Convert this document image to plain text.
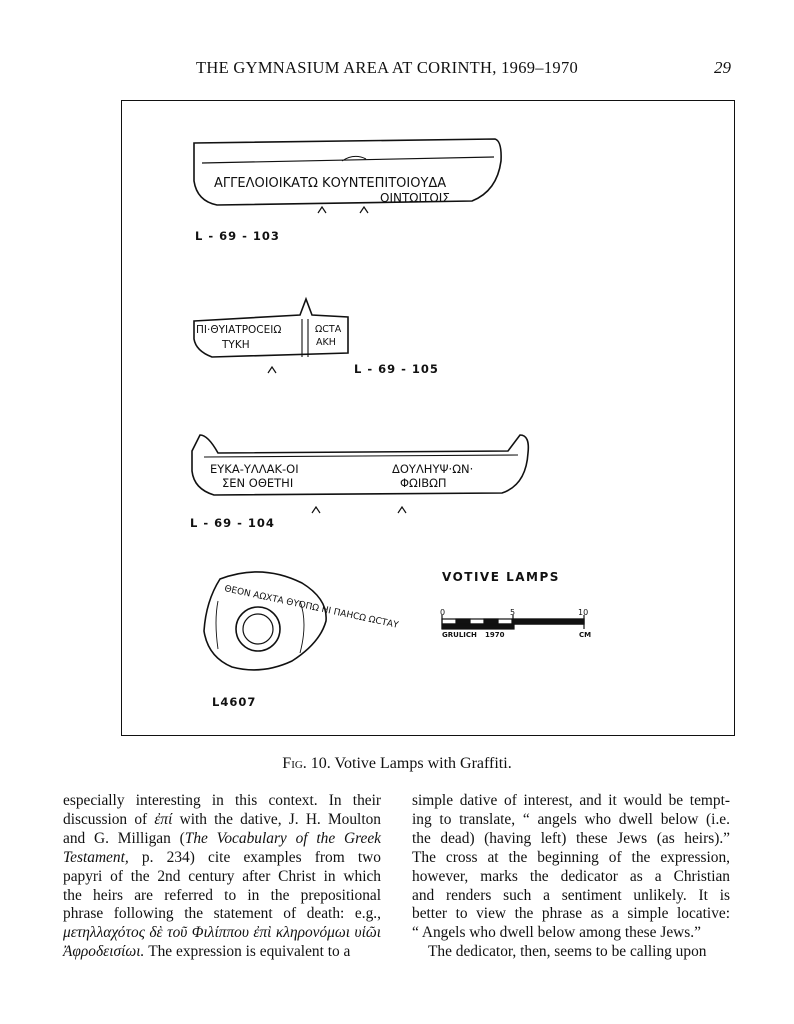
THE GYMNASIUM AREA AT CORINTH, 1969–1970	29
ΑΓΓΕΛΟΙΟΙΚΑΤΩ ΚΟΥΝΤΕΠΙΤΟΙΟΥΔΑ
ΟΙΝΤΩΙΤΟΙΣ
ΠΙ·ΘΥΙΑΤΡΟCΕΙΩ
ΤΥΚΗ
ΩCΤΑ
ΑΚΗ
ΕΥΚΑ-ΥΛΛΑΚ-ΟΙ
ΣΕΝ ΟΘΕΤΗΙ
ΔΟΥΛΗΥΨ·ΩΝ·
ΦΩΙΒΩΠ
ΘΕΟΝ ΑΩΧΤΑ ΘΥΟΠΩ ΗΙ ΠΑΗCΩ ΩCΤΑΥ	0	5	10
GRULICH 1970	CM
L - 69 - 103
L - 69 - 105
L - 69 - 104
L4607
VOTIVE LAMPS
Fig. 10. Votive Lamps with Graffiti.
especially interesting in this context. In their
discussion of ἐπί with the dative, J. H. Moulton
and G. Milligan (The Vocabulary of the Greek
Testament, p. 234) cite examples from two
papyri of the 2nd century after Christ in which
the heirs are referred to in the prepositional
phrase following the statement of death: e.g.,
μετηλλαχότος δὲ τοῦ Φιλίππου ἐπὶ κληρονόμωι υἱῶι
Ἀφροδεισίωι. The expression is equivalent to a
simple dative of interest, and it would be tempt-
ing to translate, “ angels who dwell below (i.e.
the dead) (having left) these Jews (as heirs).”
The cross at the beginning of the expression,
however, marks the dedicator as a Christian
and renders such a sentiment unlikely. It is
better to view the phrase as a simple locative:
“ Angels who dwell below among these Jews.”
The dedicator, then, seems to be calling upon
